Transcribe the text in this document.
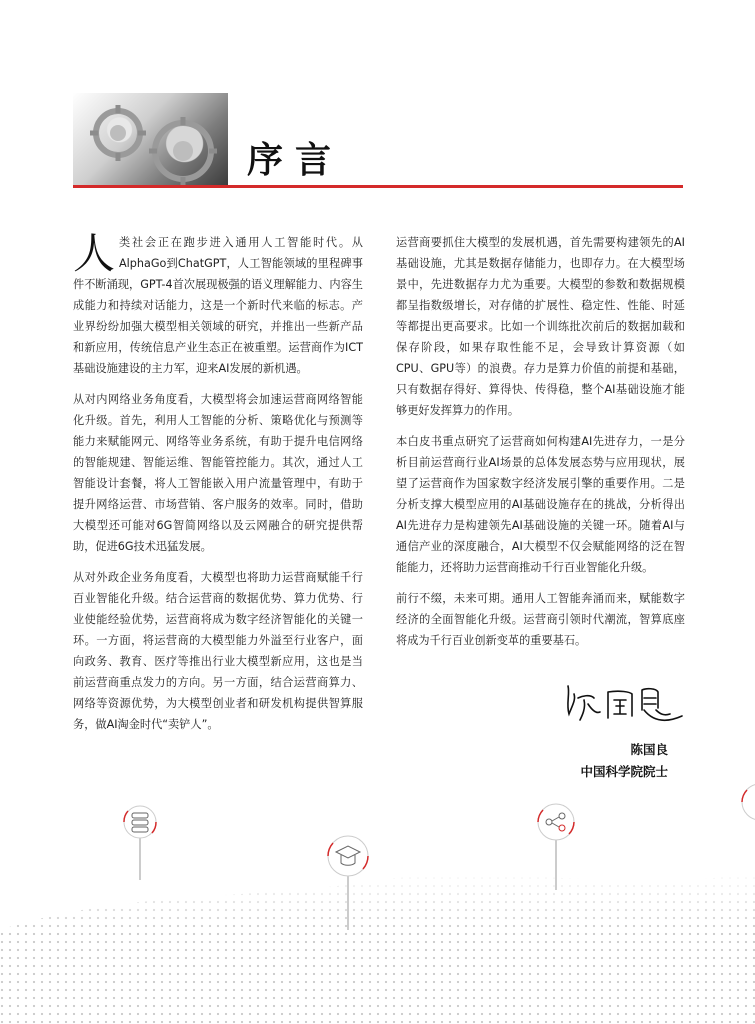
序言

人类社会正在跑步进入通用人工智能时代。从AlphaGo到ChatGPT，人工智能领域的里程碑事件不断涌现，GPT-4首次展现极强的语义理解能力、内容生成能力和持续对话能力，这是一个新时代来临的标志。产业界纷纷加强大模型相关领域的研究，并推出一些新产品和新应用，传统信息产业生态正在被重塑。运营商作为ICT基础设施建设的主力军，迎来AI发展的新机遇。

从对内网络业务角度看，大模型将会加速运营商网络智能化升级。首先，利用人工智能的分析、策略优化与预测等能力来赋能网元、网络等业务系统，有助于提升电信网络的智能规建、智能运维、智能管控能力。其次，通过人工智能设计套餐，将人工智能嵌入用户流量管理中，有助于提升网络运营、市场营销、客户服务的效率。同时，借助大模型还可能对6G智简网络以及云网融合的研究提供帮助，促进6G技术迅猛发展。

从对外政企业务角度看，大模型也将助力运营商赋能千行百业智能化升级。结合运营商的数据优势、算力优势、行业使能经验优势，运营商将成为数字经济智能化的关键一环。一方面，将运营商的大模型能力外溢至行业客户，面向政务、教育、医疗等推出行业大模型新应用，这也是当前运营商重点发力的方向。另一方面，结合运营商算力、网络等资源优势，为大模型创业者和研发机构提供智算服务，做AI淘金时代“卖铲人”。

运营商要抓住大模型的发展机遇，首先需要构建领先的AI基础设施，尤其是数据存储能力，也即存力。在大模型场景中，先进数据存力尤为重要。大模型的参数和数据规模都呈指数级增长，对存储的扩展性、稳定性、性能、时延等都提出更高要求。比如一个训练批次前后的数据加载和保存阶段，如果存取性能不足，会导致计算资源（如CPU、GPU等）的浪费。存力是算力价值的前提和基础，只有数据存得好、算得快、传得稳，整个AI基础设施才能够更好发挥算力的作用。

本白皮书重点研究了运营商如何构建AI先进存力，一是分析目前运营商行业AI场景的总体发展态势与应用现状，展望了运营商作为国家数字经济发展引擎的重要作用。二是分析支撑大模型应用的AI基础设施存在的挑战，分析得出AI先进存力是构建领先AI基础设施的关键一环。随着AI与通信产业的深度融合，AI大模型不仅会赋能网络的泛在智能能力，还将助力运营商推动千行百业智能化升级。

前行不缀，未来可期。通用人工智能奔涌而来，赋能数字经济的全面智能化升级。运营商引领时代潮流，智算底座将成为千行百业创新变革的重要基石。

陈国良

中国科学院院士
